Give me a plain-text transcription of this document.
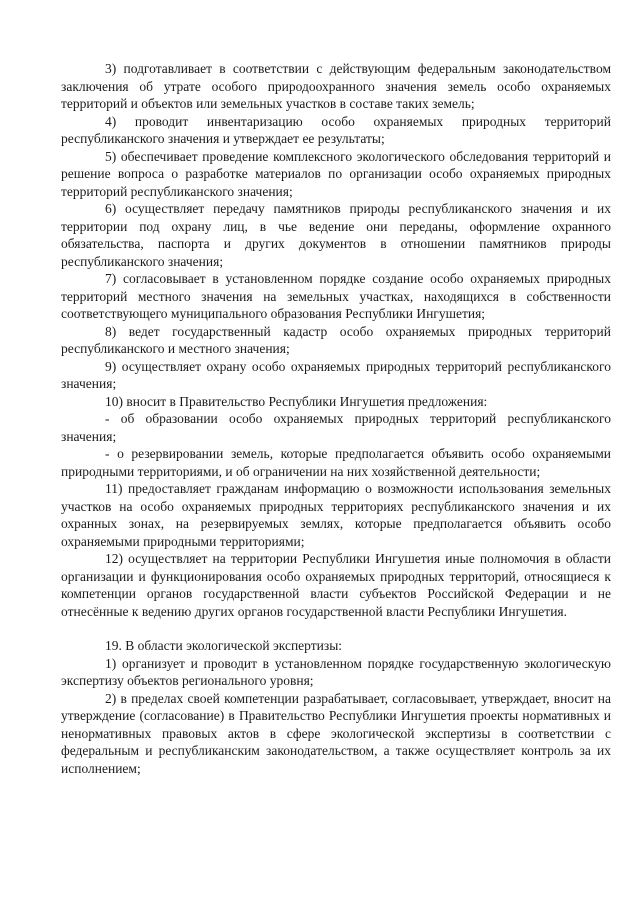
3) подготавливает в соответствии с действующим федеральным законодательством заключения об утрате особого природоохранного значения земель особо охраняемых территорий и объектов или земельных участков в составе таких земель;

4) проводит инвентаризацию особо охраняемых природных территорий республиканского значения и утверждает ее результаты;

5) обеспечивает проведение комплексного экологического обследования территорий и решение вопроса о разработке материалов по организации особо охраняемых природных территорий республиканского значения;

6) осуществляет передачу памятников природы республиканского значения и их территории под охрану лиц, в чье ведение они переданы, оформление охранного обязательства, паспорта и других документов в отношении памятников природы республиканского значения;

7) согласовывает в установленном порядке создание особо охраняемых природных территорий местного значения на земельных участках, находящихся в собственности соответствующего муниципального образования Республики Ингушетия;

8) ведет государственный кадастр особо охраняемых природных территорий республиканского и местного значения;

9) осуществляет охрану особо охраняемых природных территорий республиканского значения;

10) вносит в Правительство Республики Ингушетия предложения:

- об образовании особо охраняемых природных территорий республиканского значения;

- о резервировании земель, которые предполагается объявить особо охраняемыми природными территориями, и об ограничении на них хозяйственной деятельности;

11) предоставляет гражданам информацию о возможности использования земельных участков на особо охраняемых природных территориях республиканского значения и их охранных зонах, на резервируемых землях, которые предполагается объявить особо охраняемыми природными территориями;

12) осуществляет на территории Республики Ингушетия иные полномочия в области организации и функционирования особо охраняемых природных территорий, относящиеся к компетенции органов государственной власти субъектов Российской Федерации и не отнесённые к ведению других органов государственной власти Республики Ингушетия.

19. В области экологической экспертизы:

1) организует и проводит в установленном порядке государственную экологическую экспертизу объектов регионального уровня;

2) в пределах своей компетенции разрабатывает, согласовывает, утверждает, вносит на утверждение (согласование) в Правительство Республики Ингушетия проекты нормативных и ненормативных правовых актов в сфере экологической экспертизы в соответствии с федеральным и республиканским законодательством, а также осуществляет контроль за их исполнением;
